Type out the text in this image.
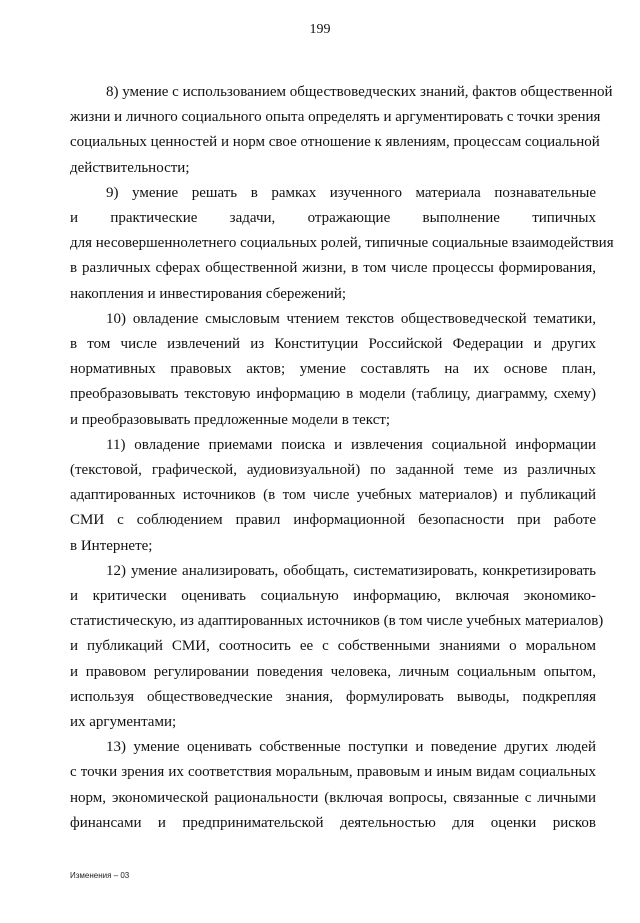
199

8) умение с использованием обществоведческих знаний, фактов общественной
жизни и личного социального опыта определять и аргументировать с точки зрения
социальных ценностей и норм свое отношение к явлениям, процессам социальной
действительности;

9) умение решать в рамках изученного материала познавательные
и практические задачи, отражающие выполнение типичных
для несовершеннолетнего социальных ролей, типичные социальные взаимодействия
в различных сферах общественной жизни, в том числе процессы формирования,
накопления и инвестирования сбережений;

10) овладение смысловым чтением текстов обществоведческой тематики,
в том числе извлечений из Конституции Российской Федерации и других
нормативных правовых актов; умение составлять на их основе план,
преобразовывать текстовую информацию в модели (таблицу, диаграмму, схему)
и преобразовывать предложенные модели в текст;

11) овладение приемами поиска и извлечения социальной информации
(текстовой, графической, аудиовизуальной) по заданной теме из различных
адаптированных источников (в том числе учебных материалов) и публикаций
СМИ с соблюдением правил информационной безопасности при работе
в Интернете;

12) умение анализировать, обобщать, систематизировать, конкретизировать
и критически оценивать социальную информацию, включая экономико-
статистическую, из адаптированных источников (в том числе учебных материалов)
и публикаций СМИ, соотносить ее с собственными знаниями о моральном
и правовом регулировании поведения человека, личным социальным опытом,
используя обществоведческие знания, формулировать выводы, подкрепляя
их аргументами;

13) умение оценивать собственные поступки и поведение других людей
с точки зрения их соответствия моральным, правовым и иным видам социальных
норм, экономической рациональности (включая вопросы, связанные с личными
финансами и предпринимательской деятельностью для оценки рисков

Изменения – 03
